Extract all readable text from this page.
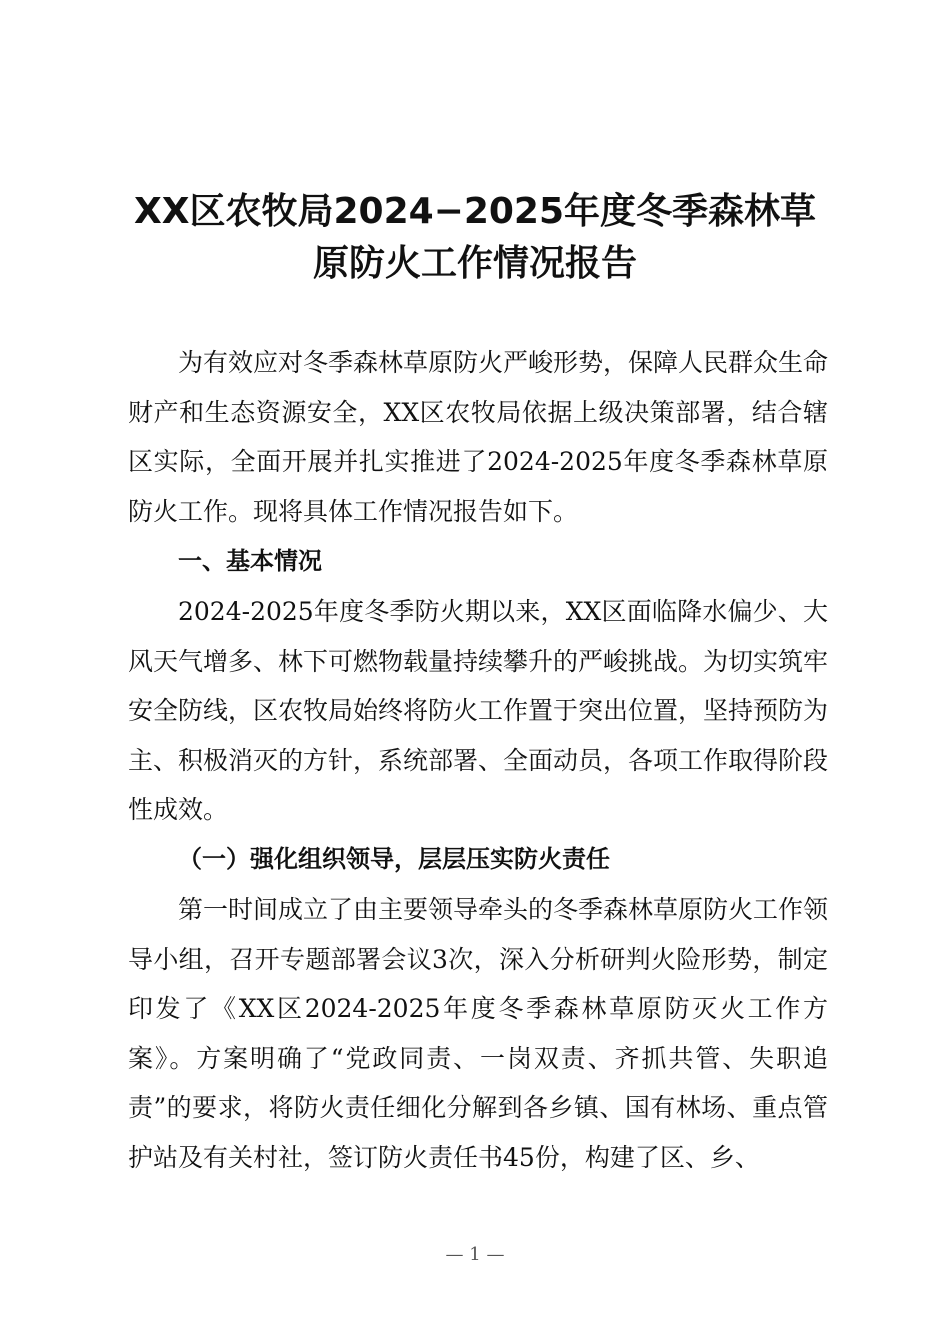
XX区农牧局2024−2025年度冬季森林草
原防火工作情况报告

为有效应对冬季森林草原防火严峻形势，保障人民群众生命财产和生态资源安全，XX区农牧局依据上级决策部署，结合辖区实际，全面开展并扎实推进了2024-2025年度冬季森林草原防火工作。现将具体工作情况报告如下。

一、基本情况

2024-2025年度冬季防火期以来，XX区面临降水偏少、大风天气增多、林下可燃物载量持续攀升的严峻挑战。为切实筑牢安全防线，区农牧局始终将防火工作置于突出位置，坚持预防为主、积极消灭的方针，系统部署、全面动员，各项工作取得阶段性成效。

（一）强化组织领导，层层压实防火责任

第一时间成立了由主要领导牵头的冬季森林草原防火工作领导小组，召开专题部署会议3次，深入分析研判火险形势，制定印发了《XX区2024-2025年度冬季森林草原防灭火工作方案》。方案明确了“党政同责、一岗双责、齐抓共管、失职追责”的要求，将防火责任细化分解到各乡镇、国有林场、重点管护站及有关村社，签订防火责任书45份，构建了区、乡、

— 1 —
